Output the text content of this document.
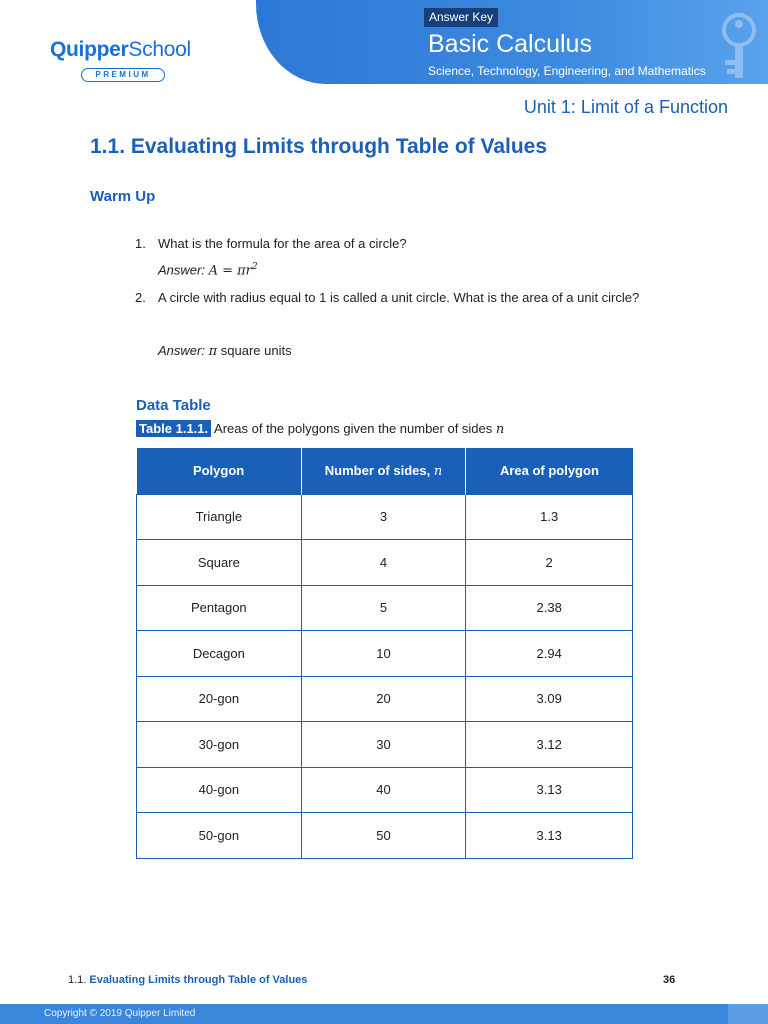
QuipperSchool
PREMIUM
Answer Key
Basic Calculus
Science, Technology, Engineering, and Mathematics
Unit 1: Limit of a Function
1.1. Evaluating Limits through Table of Values
Warm Up
1. What is the formula for the area of a circle?
Answer: $A = \pi r^2$
2. A circle with radius equal to 1 is called a unit circle. What is the area of a unit circle?
Answer: π square units
Data Table
Table 1.1.1. Areas of the polygons given the number of sides n
Polygon	Number of sides, n	Area of polygon
Triangle	3	1.3
Square	4	2
Pentagon	5	2.38
Decagon	10	2.94
20-gon	20	3.09
30-gon	30	3.12
40-gon	40	3.13
50-gon	50	3.13
1.1. Evaluating Limits through Table of Values	36
Copyright © 2019 Quipper Limited
